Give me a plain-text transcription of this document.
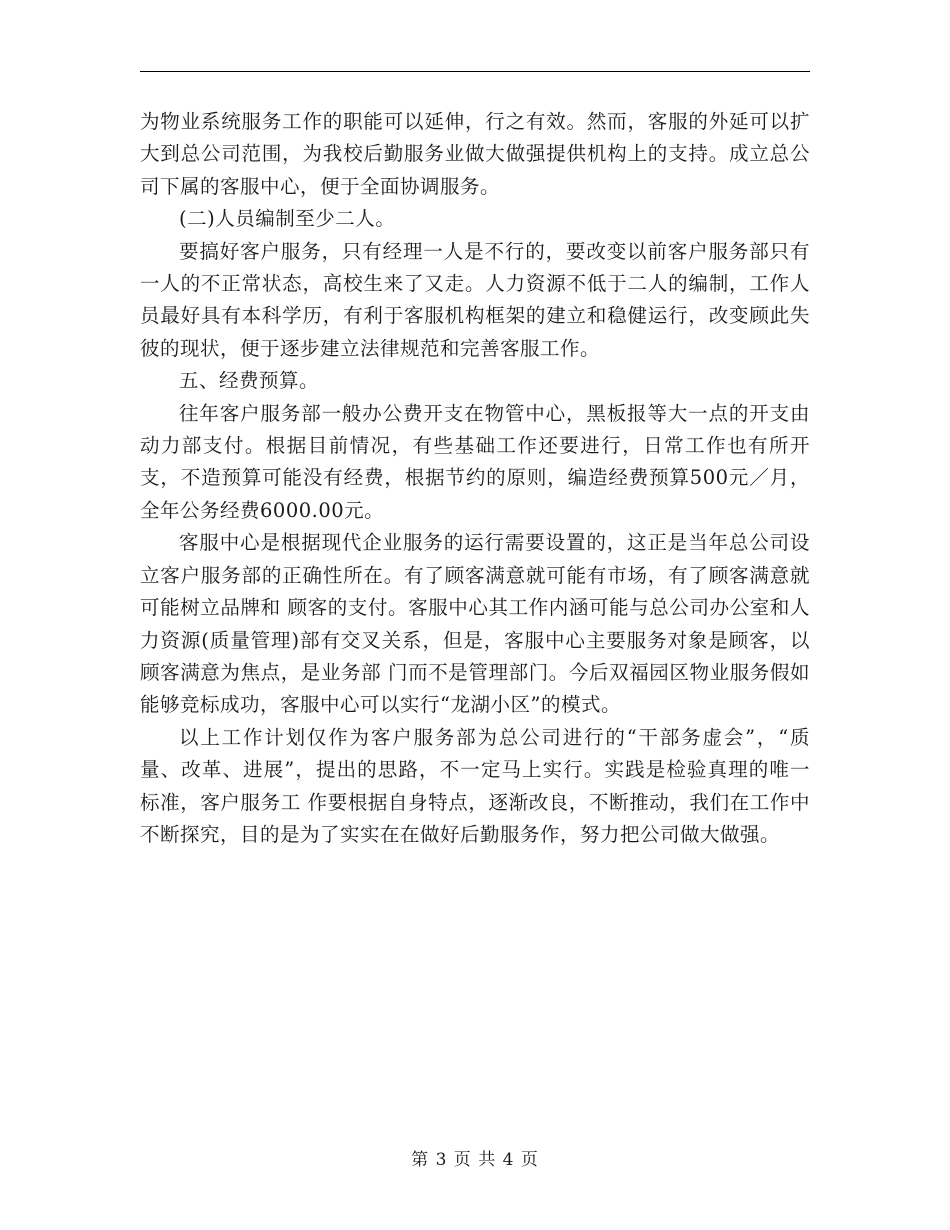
为物业系统服务工作的职能可以延伸，行之有效。然而，客服的外延可以扩大到总公司范围，为我校后勤服务业做大做强提供机构上的支持。成立总公司下属的客服中心，便于全面协调服务。

(二)人员编制至少二人。

要搞好客户服务，只有经理一人是不行的，要改变以前客户服务部只有一人的不正常状态，高校生来了又走。人力资源不低于二人的编制，工作人员最好具有本科学历，有利于客服机构框架的建立和稳健运行，改变顾此失彼的现状，便于逐步建立法律规范和完善客服工作。

五、经费预算。

往年客户服务部一般办公费开支在物管中心，黑板报等大一点的开支由动力部支付。根据目前情况，有些基础工作还要进行，日常工作也有所开支，不造预算可能没有经费，根据节约的原则，编造经费预算500元／月，全年公务经费6000.00元。

客服中心是根据现代企业服务的运行需要设置的，这正是当年总公司设立客户服务部的正确性所在。有了顾客满意就可能有市场，有了顾客满意就可能树立品牌和 顾客的支付。客服中心其工作内涵可能与总公司办公室和人力资源(质量管理)部有交叉关系，但是，客服中心主要服务对象是顾客，以顾客满意为焦点，是业务部 门而不是管理部门。今后双福园区物业服务假如能够竞标成功，客服中心可以实行“龙湖小区”的模式。

以上工作计划仅作为客户服务部为总公司进行的“干部务虚会”，“质量、改革、进展”，提出的思路，不一定马上实行。实践是检验真理的唯一标准，客户服务工 作要根据自身特点，逐渐改良，不断推动，我们在工作中不断探究，目的是为了实实在在做好后勤服务作，努力把公司做大做强。

第 3 页 共 4 页
